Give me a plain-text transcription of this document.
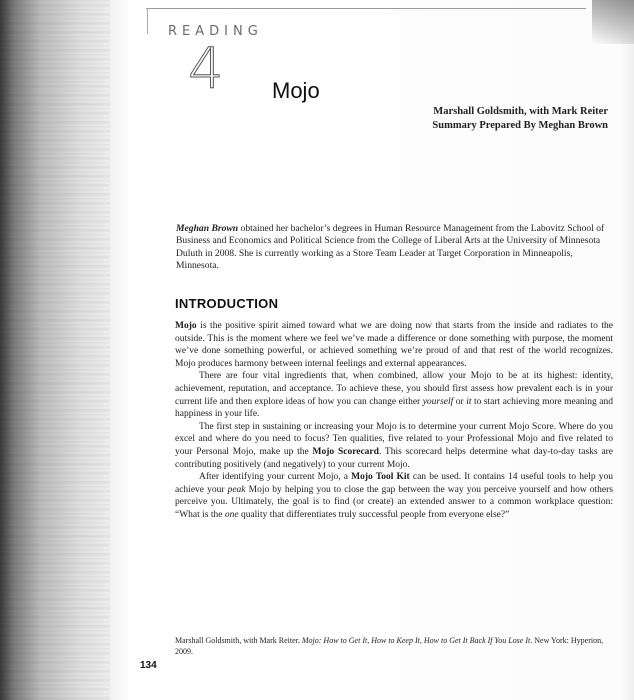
READING
4 Mojo
Marshall Goldsmith, with Mark Reiter
Summary Prepared By Meghan Brown

Meghan Brown obtained her bachelor’s degrees in Human Resource Management from the Labovitz School of Business and Economics and Political Science from the College of Liberal Arts at the University of Minnesota Duluth in 2008. She is currently working as a Store Team Leader at Target Corporation in Minneapolis, Minnesota.

INTRODUCTION

Mojo is the positive spirit aimed toward what we are doing now that starts from the inside and radiates to the outside. This is the moment where we feel we’ve made a difference or done something with purpose, the moment we’ve done something powerful, or achieved something we’re proud of and that rest of the world recognizes. Mojo produces harmony between internal feelings and external appearances.

There are four vital ingredients that, when combined, allow your Mojo to be at its highest: identity, achievement, reputation, and acceptance. To achieve these, you should first assess how prevalent each is in your current life and then explore ideas of how you can change either yourself or it to start achieving more meaning and happiness in your life.

The first step in sustaining or increasing your Mojo is to determine your current Mojo Score. Where do you excel and where do you need to focus? Ten qualities, five related to your Professional Mojo and five related to your Personal Mojo, make up the Mojo Scorecard. This scorecard helps determine what day-to-day tasks are contributing positively (and negatively) to your current Mojo.

After identifying your current Mojo, a Mojo Tool Kit can be used. It contains 14 useful tools to help you achieve your peak Mojo by helping you to close the gap between the way you perceive yourself and how others perceive you. Ultimately, the goal is to find (or create) an extended answer to a common workplace question: “What is the one quality that differentiates truly successful people from everyone else?”

Marshall Goldsmith, with Mark Reiter. Mojo: How to Get It, How to Keep It, How to Get It Back If You Lose It. New York: Hyperion, 2009.

134
